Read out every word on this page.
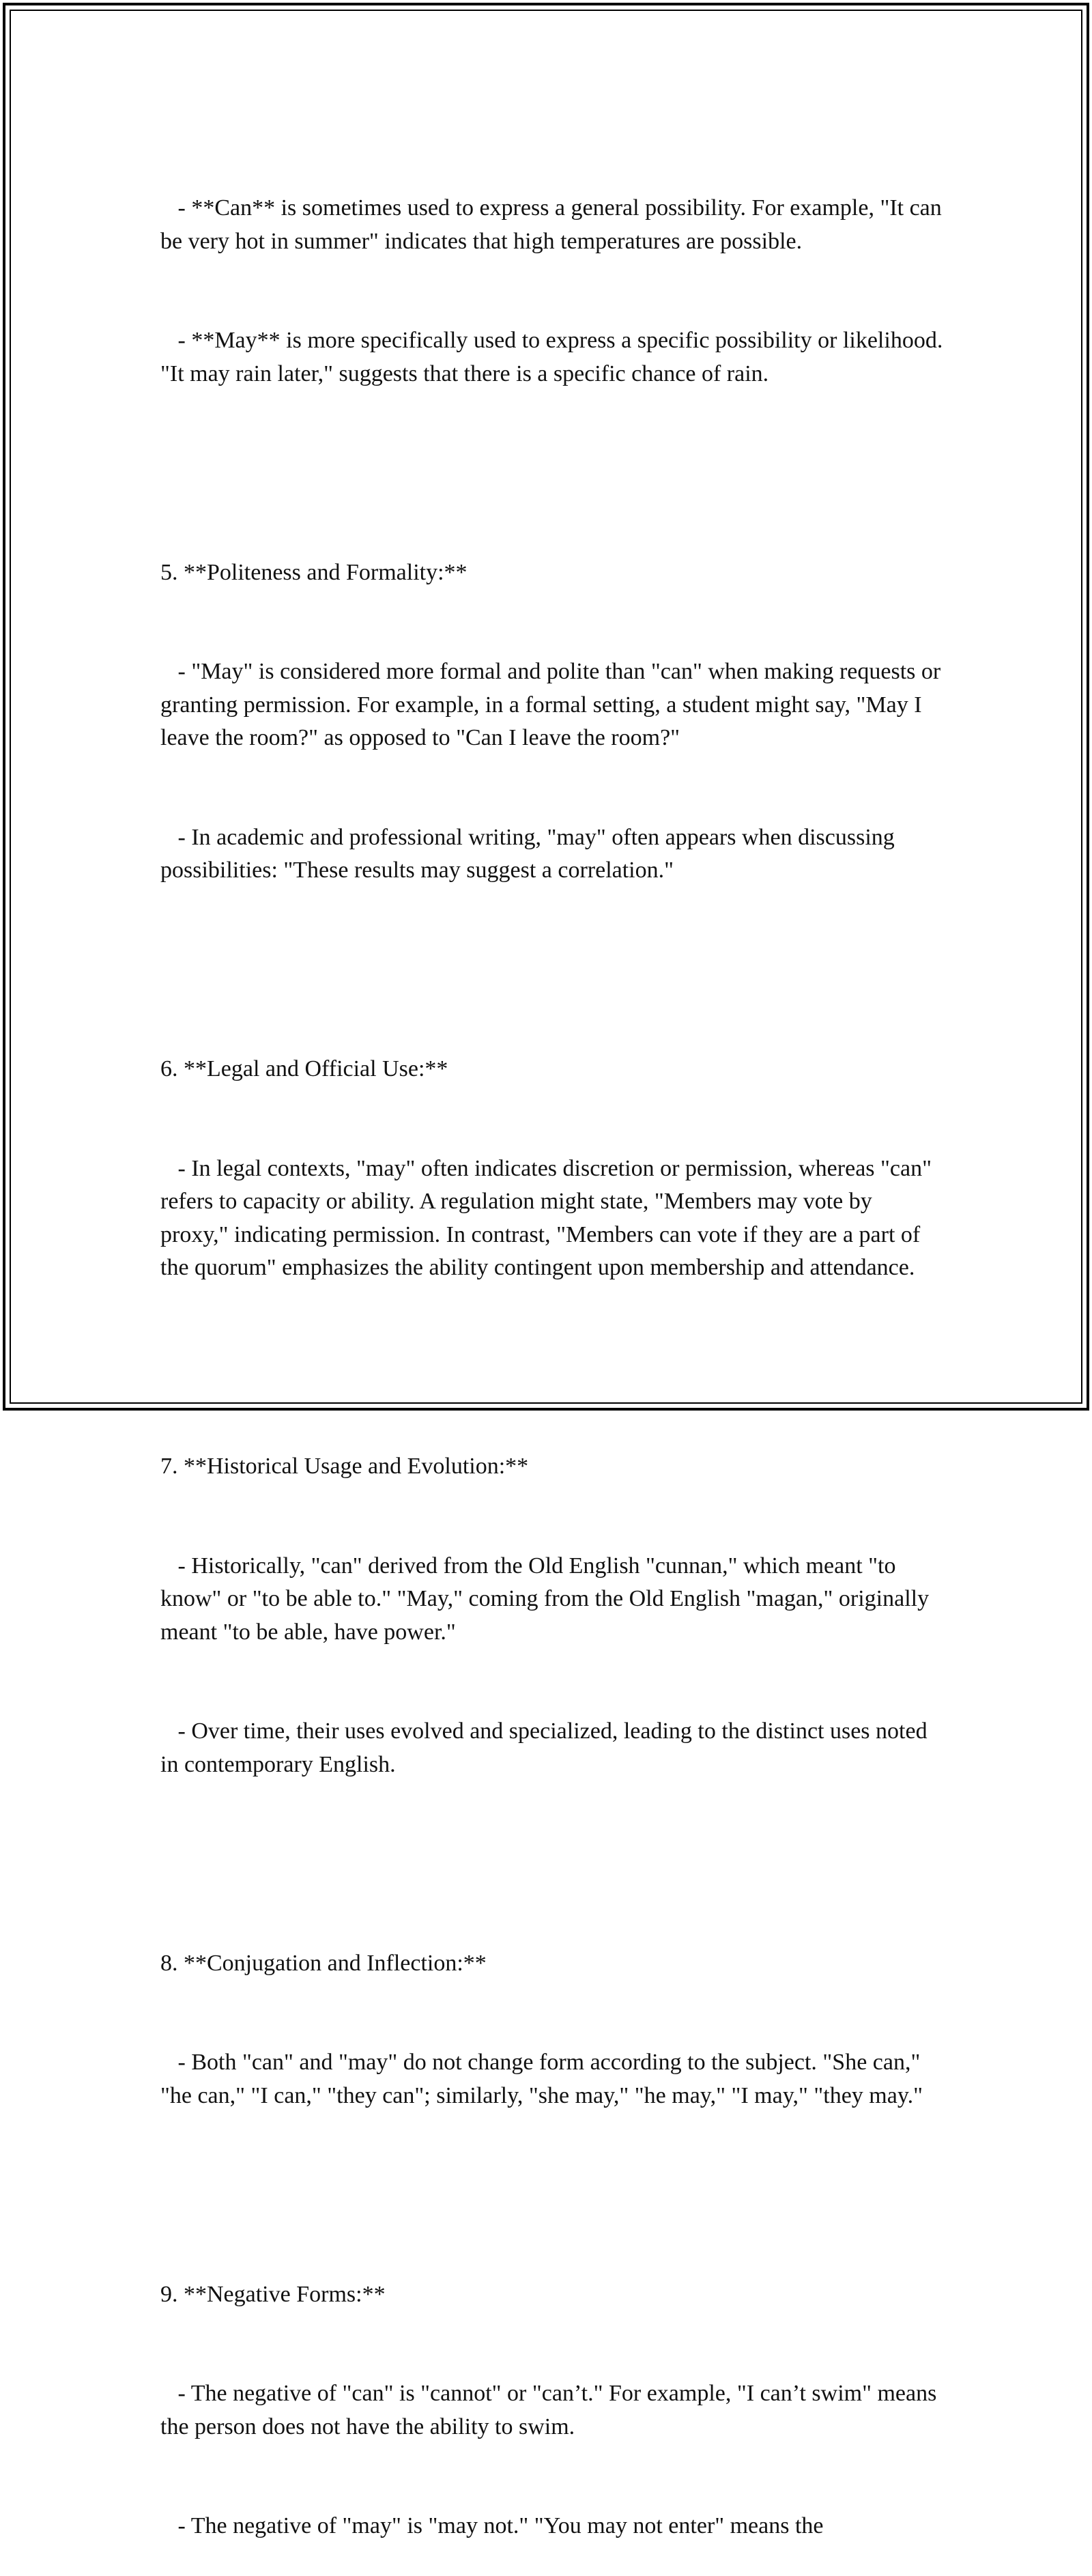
- **Can** is sometimes used to express a general possibility. For example, "It can be very hot in summer" indicates that high temperatures are possible.

- **May** is more specifically used to express a specific possibility or likelihood. "It may rain later," suggests that there is a specific chance of rain.

5. **Politeness and Formality:**

- "May" is considered more formal and polite than "can" when making requests or granting permission. For example, in a formal setting, a student might say, "May I leave the room?" as opposed to "Can I leave the room?"

- In academic and professional writing, "may" often appears when discussing possibilities: "These results may suggest a correlation."

6. **Legal and Official Use:**

- In legal contexts, "may" often indicates discretion or permission, whereas "can" refers to capacity or ability. A regulation might state, "Members may vote by proxy," indicating permission. In contrast, "Members can vote if they are a part of the quorum" emphasizes the ability contingent upon membership and attendance.

7. **Historical Usage and Evolution:**

- Historically, "can" derived from the Old English "cunnan," which meant "to know" or "to be able to." "May," coming from the Old English "magan," originally meant "to be able, have power."

- Over time, their uses evolved and specialized, leading to the distinct uses noted in contemporary English.

8. **Conjugation and Inflection:**

- Both "can" and "may" do not change form according to the subject. "She can," "he can," "I can," "they can"; similarly, "she may," "he may," "I may," "they may."

9. **Negative Forms:**

- The negative of "can" is "cannot" or "can’t." For example, "I can’t swim" means the person does not have the ability to swim.

- The negative of "may" is "may not." "You may not enter" means the
